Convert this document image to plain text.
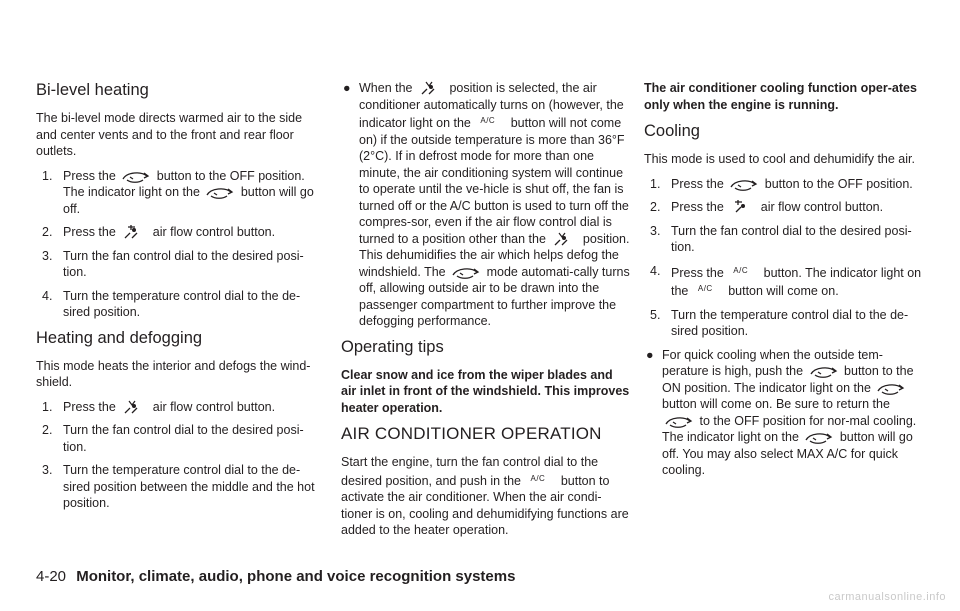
Bi-level heating

The bi-level mode directs warmed air to the side and center vents and to the front and rear floor outlets.

1. Press the	button to the OFF position.
The indicator light on the	button will go off.
2. Press the	air flow control button.
3. Turn the fan control dial to the desired posi-tion.
4. Turn the temperature control dial to the de-sired position.
Heating and defogging

This mode heats the interior and defogs the wind-shield.

1. Press the	air flow control button.
2. Turn the fan control dial to the desired posi-tion.
3. Turn the temperature control dial to the de-sired position between the middle and the hot position.
● When the	position is selected, the air conditioner automatically turns on (however, the indicator light on the $^{A/C}$ button will not come on) if the outside temperature is more than 36°F (2°C). If in defrost mode for more than one minute, the air conditioning system will continue to operate until the ve-hicle is shut off, the fan is turned off or the A/C button is used to turn off the compres-sor, even if the air flow control dial is turned to a position other than the	position. This dehumidifies the air which helps defog the windshield. The	mode automati-cally turns off, allowing outside air to be drawn into the passenger compartment to further improve the defogging performance.
Operating tips

Clear snow and ice from the wiper blades and air inlet in front of the windshield. This improves heater operation.

AIR CONDITIONER OPERATION

Start the engine, turn the fan control dial to the desired position, and push in the $^{A/C}$ button to activate the air conditioner. When the air condi-tioner is on, cooling and dehumidifying functions are added to the heater operation.

The air conditioner cooling function oper-ates only when the engine is running.

Cooling

This mode is used to cool and dehumidify the air.

1. Press the	button to the OFF position.
2. Press the	air flow control button.
3. Turn the fan control dial to the desired posi-tion.
4. Press the $^{A/C}$ button. The indicator light on the $^{A/C}$ button will come on.
5. Turn the temperature control dial to the de-sired position.
● For quick cooling when the outside tem-perature is high, push the	button to the ON position. The indicator light on the
button will come on. Be sure to return the
to the OFF position for nor-mal cooling. The indicator light on the	button will go off. You may also select MAX A/C for quick cooling.
4-20 Monitor, climate, audio, phone and voice recognition systems
carmanualsonline.info
